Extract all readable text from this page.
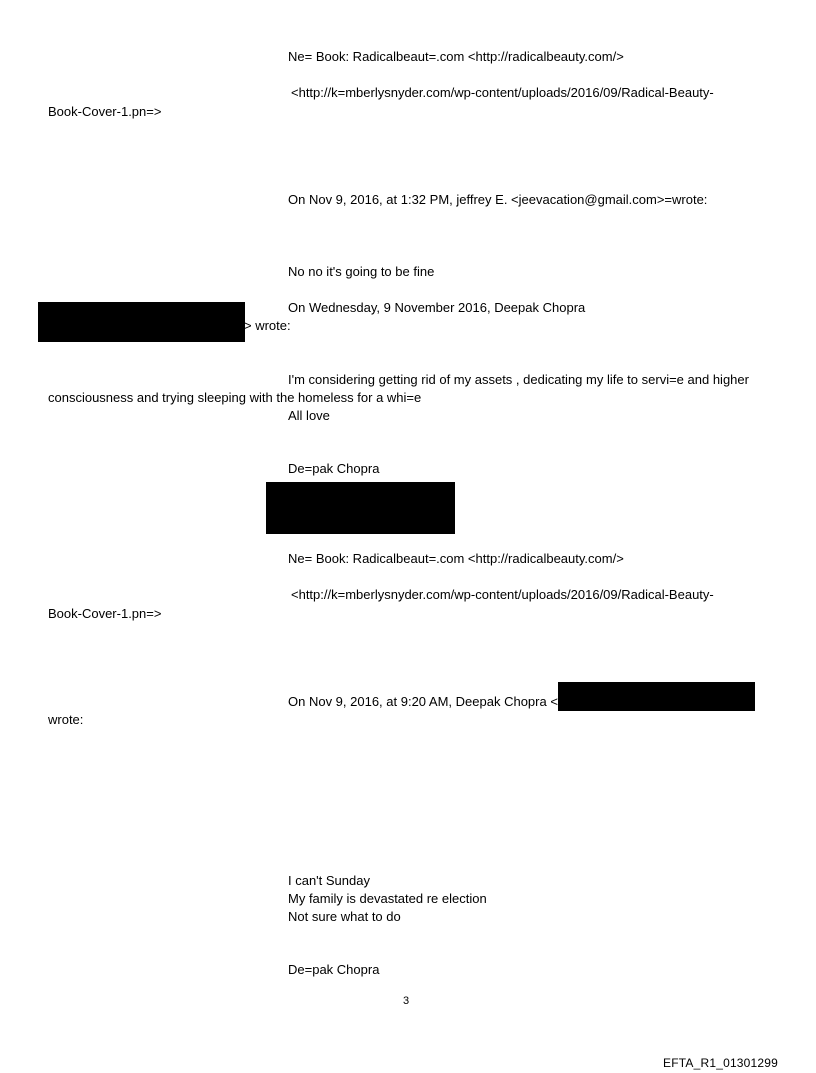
Ne= Book: Radicalbeaut=.com <http://radicalbeauty.com/>
<http://k=mberlysnyder.com/wp-content/uploads/2016/09/Radical-Beauty-
Book-Cover-1.pn=>
On Nov 9, 2016, at 1:32 PM, jeffrey E. <jeevacation@gmail.com>=wrote:
No no it's going to be fine
On Wednesday, 9 November 2016, Deepak Chopra
> wrote:
I'm considering getting rid of my assets , dedicating my life to servi=e and higher
consciousness and trying sleeping with the homeless for a whi=e
All love
De=pak Chopra
Ne= Book: Radicalbeaut=.com <http://radicalbeauty.com/>
<http://k=mberlysnyder.com/wp-content/uploads/2016/09/Radical-Beauty-
Book-Cover-1.pn=>
On Nov 9, 2016, at 9:20 AM, Deepak Chopra <
wrote:
I can't Sunday
My family is devastated re election
Not sure what to do
De=pak Chopra
3
EFTA_R1_01301299
